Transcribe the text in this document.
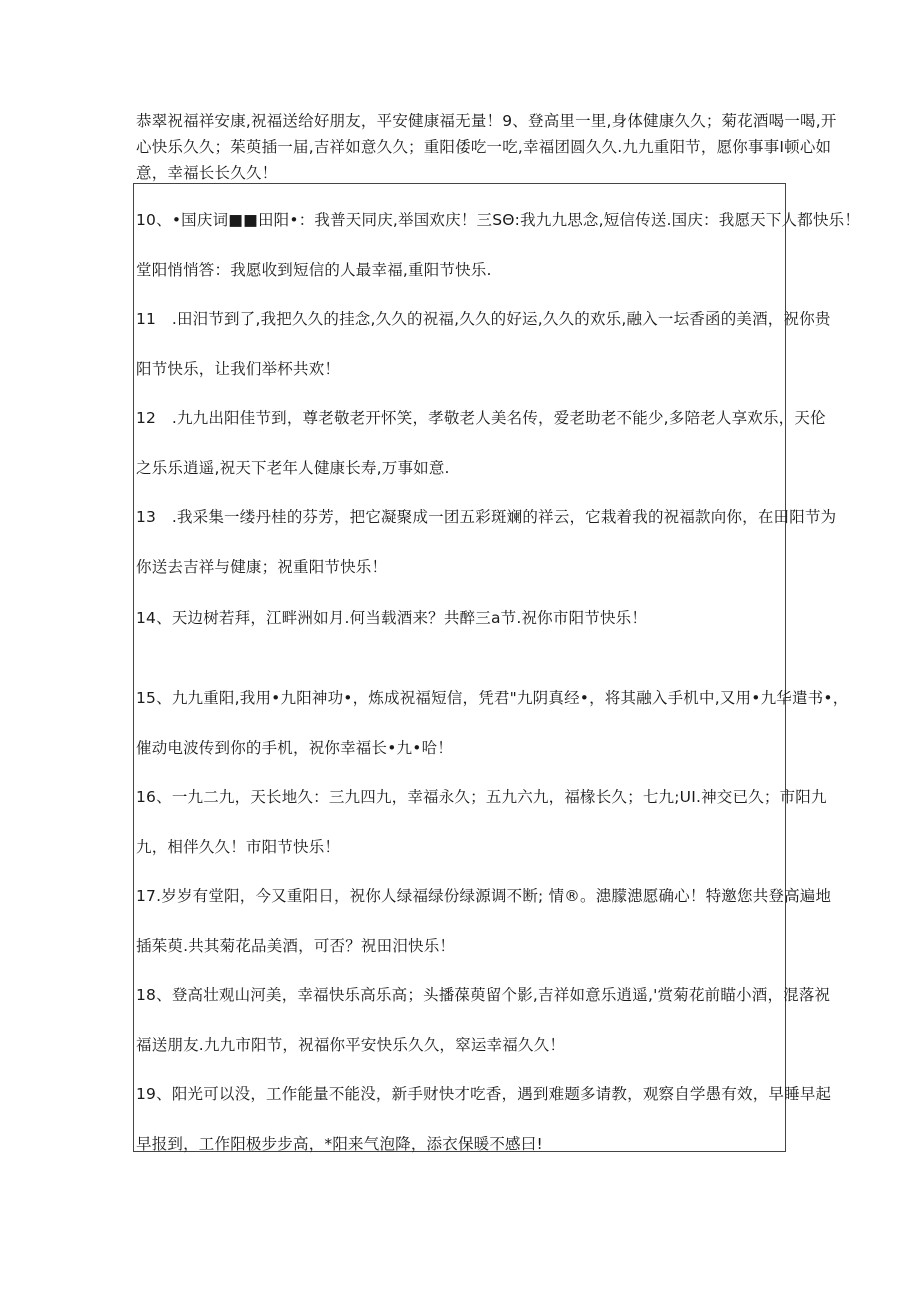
恭翠祝福祥安康,祝福送给好朋友，平安健康福无量！9、登高里一里,身体健康久久；菊花酒喝一喝,开
心快乐久久；茱萸插一届,吉祥如意久久；重阳倭吃一吃,幸福团圆久久.九九重阳节，愿你事事I顿心如
意，幸福长长久久！
10、•国庆词■■田阳•：我普天同庆,举国欢庆！三SΘ:我九九思念,短信传送.国庆：我愿天下人都快乐！
堂阳悄悄答：我愿收到短信的人最幸福,重阳节快乐.
11　.田汨节到了,我把久久的挂念,久久的祝福,久久的好运,久久的欢乐,融入一坛香函的美酒，祝你贵
阳节快乐，让我们举杯共欢！
12　.九九出阳佳节到，尊老敬老开怀笑，孝敬老人美名传，爱老助老不能少,多陪老人享欢乐，天伦
之乐乐逍遥,祝天下老年人健康长寿,万事如意.
13　.我采集一缕丹桂的芬芳，把它凝聚成一团五彩斑斓的祥云，它栽着我的祝福款向你，在田阳节为
你送去吉祥与健康；祝重阳节快乐！
14、天边树若拜，江畔洲如月.何当载酒来？共醉三a节.祝你市阳节快乐！
15、九九重阳,我用•九阳神功•，炼成祝福短信，凭君"九阴真经•，将其融入手机中,又用•九华遣书•，
催动电波传到你的手机，祝你幸福长•九•哈！
16、一九二九，天长地久：三九四九，幸福永久；五九六九，福椽长久；七九;UI.神交已久；市阳九
九，相伴久久！市阳节快乐！
17.岁岁有堂阳，今又重阳日，祝你人绿福绿份绿源调不断; 情®。漶朦漶愿确心！特邀您共登高遍地
插茱萸.共其菊花品美酒，可否？祝田汨快乐！
18、登高壮观山河美，幸福快乐高乐高；头播葆萸留个影,吉祥如意乐逍遥,'赏菊花前瞄小酒，混落祝
福送朋友.九九市阳节，祝福你平安快乐久久，窣运幸福久久！
19、阳光可以没，工作能量不能没，新手财快才吃香，遇到难题多请教，观察自学愚有效，早睡早起
早报到，工作阳极步步高，*阳来气泡降，添衣保暖不感曰!
